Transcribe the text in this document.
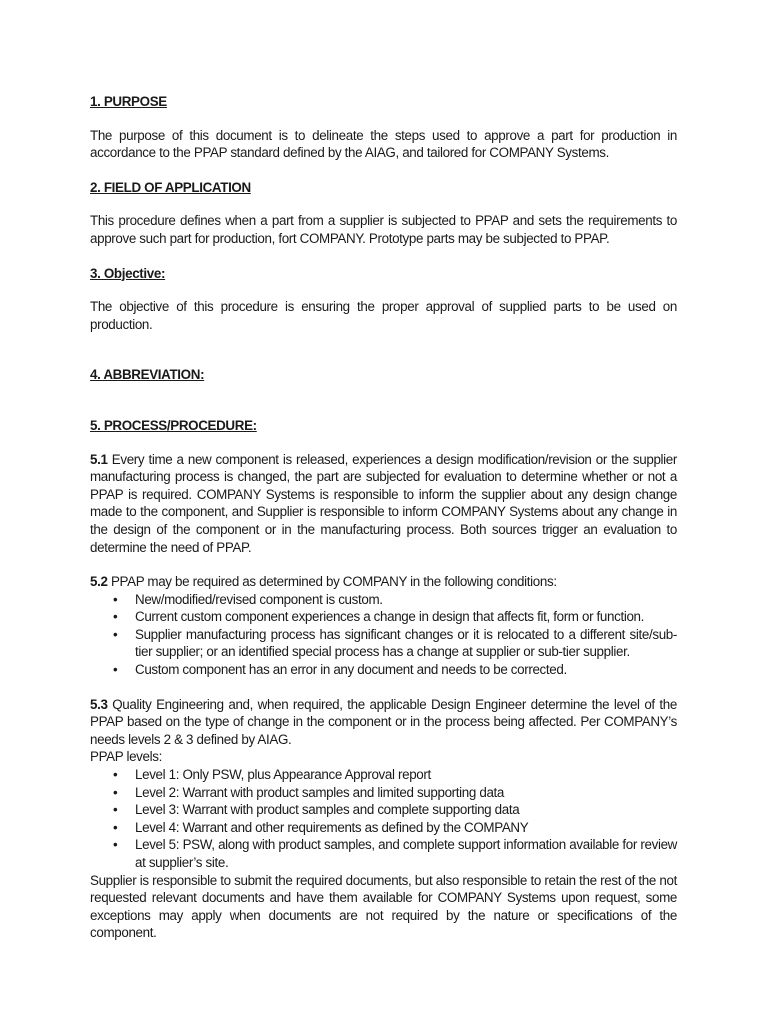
1. PURPOSE

The purpose of this document is to delineate the steps used to approve a part for production in accordance to the PPAP standard defined by the AIAG, and tailored for COMPANY Systems.

2. FIELD OF APPLICATION

This procedure defines when a part from a supplier is subjected to PPAP and sets the requirements to approve such part for production, fort COMPANY. Prototype parts may be subjected to PPAP.

3. Objective:

The objective of this procedure is ensuring the proper approval of supplied parts to be used on production.

4. ABBREVIATION:

5. PROCESS/PROCEDURE:

5.1 Every time a new component is released, experiences a design modification/revision or the supplier manufacturing process is changed, the part are subjected for evaluation to determine whether or not a PPAP is required. COMPANY Systems is responsible to inform the supplier about any design change made to the component, and Supplier is responsible to inform COMPANY Systems about any change in the design of the component or in the manufacturing process. Both sources trigger an evaluation to determine the need of PPAP.

5.2 PPAP may be required as determined by COMPANY in the following conditions:

• New/modified/revised component is custom.
• Current custom component experiences a change in design that affects fit, form or function.
• Supplier manufacturing process has significant changes or it is relocated to a different site/sub-tier supplier; or an identified special process has a change at supplier or sub-tier supplier.
• Custom component has an error in any document and needs to be corrected.

5.3 Quality Engineering and, when required, the applicable Design Engineer determine the level of the PPAP based on the type of change in the component or in the process being affected. Per COMPANY’s needs levels 2 & 3 defined by AIAG.

PPAP levels:

• Level 1: Only PSW, plus Appearance Approval report
• Level 2: Warrant with product samples and limited supporting data
• Level 3: Warrant with product samples and complete supporting data
• Level 4: Warrant and other requirements as defined by the COMPANY
• Level 5: PSW, along with product samples, and complete support information available for review at supplier’s site.

Supplier is responsible to submit the required documents, but also responsible to retain the rest of the not requested relevant documents and have them available for COMPANY Systems upon request, some exceptions may apply when documents are not required by the nature or specifications of the component.
